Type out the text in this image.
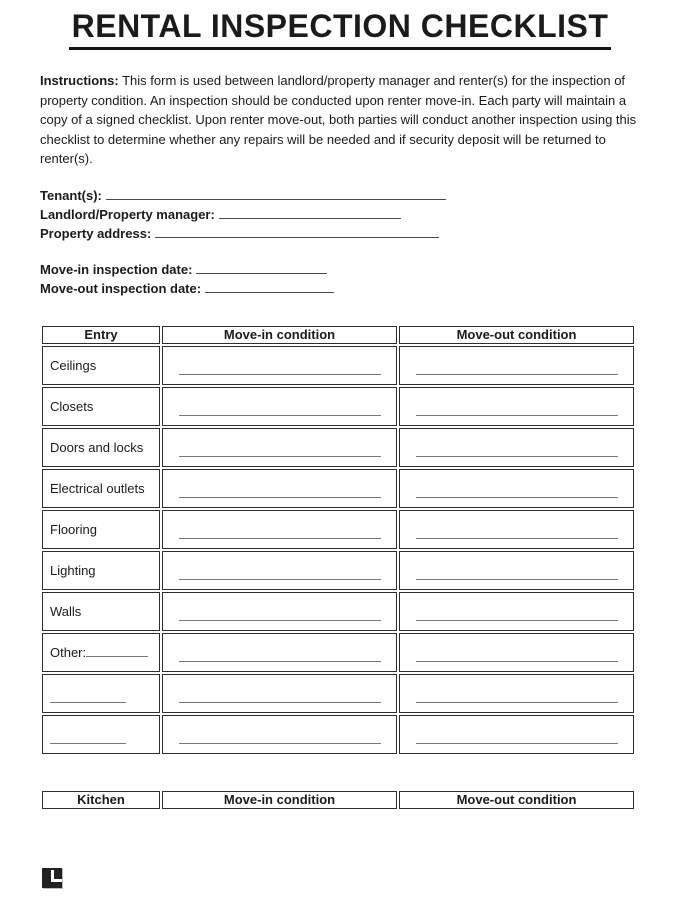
RENTAL INSPECTION CHECKLIST

Instructions: This form is used between landlord/property manager and renter(s) for the inspection of property condition. An inspection should be conducted upon renter move-in. Each party will maintain a copy of a signed checklist. Upon renter move-out, both parties will conduct another inspection using this checklist to determine whether any repairs will be needed and if security deposit will be returned to renter(s).

Tenant(s):
Landlord/Property manager:
Property address:
Move-in inspection date:
Move-out inspection date:
Entry	Move-in condition	Move-out condition
Ceilings	

Closets	

Doors and locks	

Electrical outlets	

Flooring	

Lighting	

Walls	

Other:	

Kitchen	Move-in condition	Move-out condition
